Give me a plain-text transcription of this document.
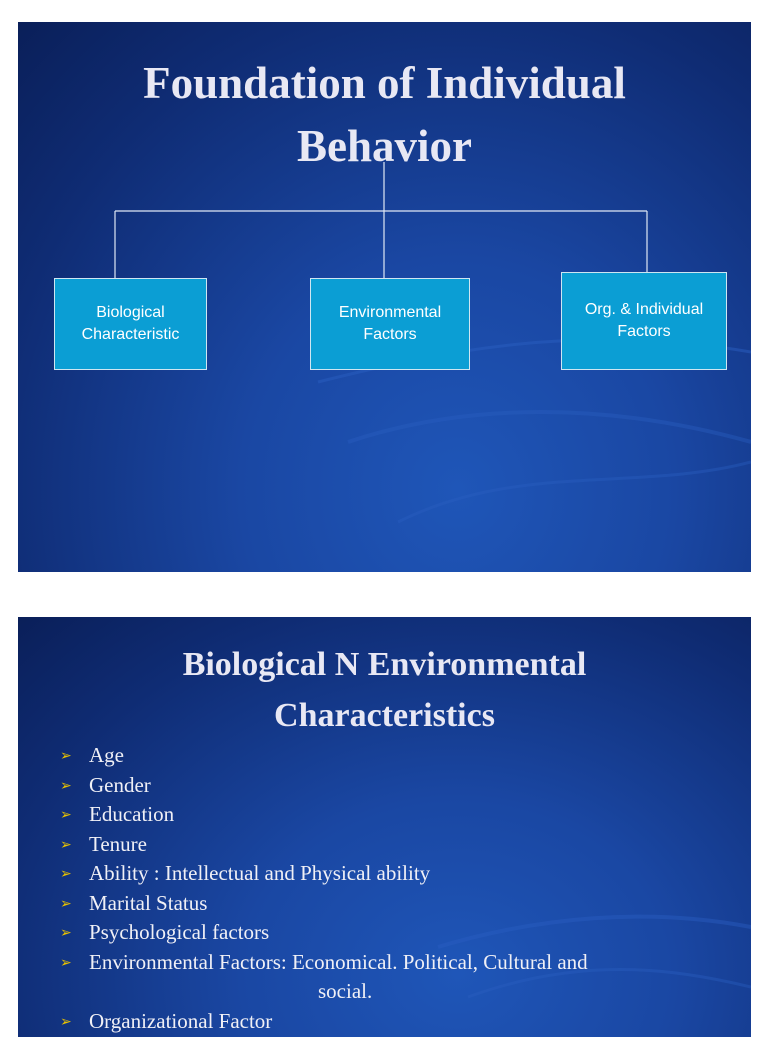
Foundation of Individual
Behavior
Biological
Characteristic
Environmental
Factors
Org. & Individual
Factors
Biological N Environmental
Characteristics
➢ Age
➢ Gender
➢ Education
➢ Tenure
➢ Ability : Intellectual and Physical ability
➢ Marital Status
➢ Psychological factors
➢ Environmental Factors: Economical. Political, Cultural and
social.
➢ Organizational Factor
